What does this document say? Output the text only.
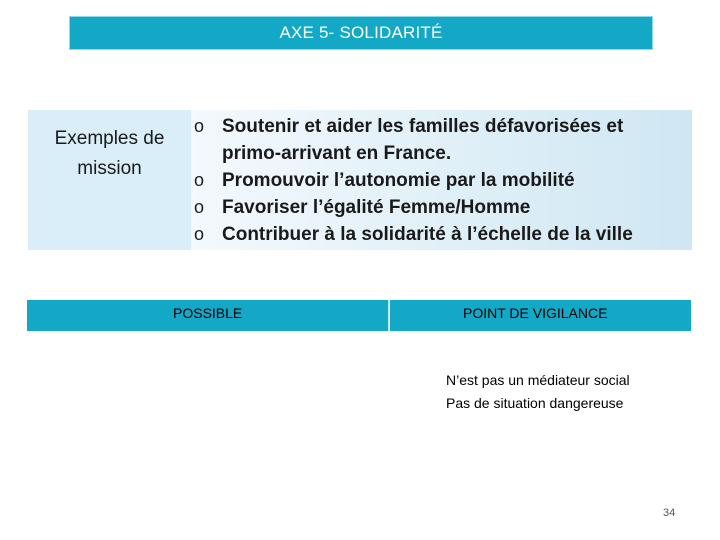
AXE 5- SOLIDARITÉ
Exemples de
mission
o Soutenir et aider les familles défavorisées et primo-arrivant en France.
o Promouvoir l’autonomie par la mobilité
o Favoriser l’égalité Femme/Homme
o Contribuer à la solidarité à l’échelle de la ville
POSSIBLE	POINT DE VIGILANCE
N’est pas un médiateur social
Pas de situation dangereuse
34
